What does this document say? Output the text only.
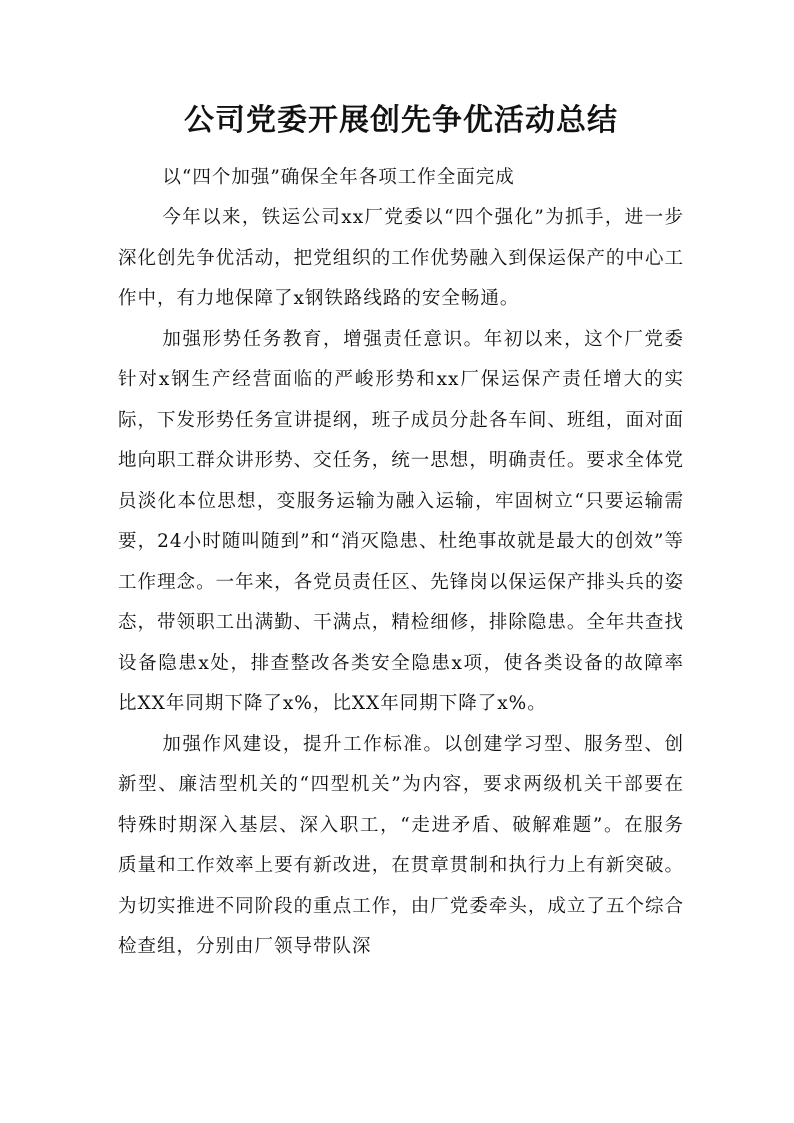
公司党委开展创先争优活动总结

以“四个加强”确保全年各项工作全面完成

今年以来，铁运公司xx厂党委以“四个强化”为抓手，进一步深化创先争优活动，把党组织的工作优势融入到保运保产的中心工作中，有力地保障了x钢铁路线路的安全畅通。

加强形势任务教育，增强责任意识。年初以来，这个厂党委针对x钢生产经营面临的严峻形势和xx厂保运保产责任增大的实际，下发形势任务宣讲提纲，班子成员分赴各车间、班组，面对面地向职工群众讲形势、交任务，统一思想，明确责任。要求全体党员淡化本位思想，变服务运输为融入运输，牢固树立“只要运输需要，24小时随叫随到”和“消灭隐患、杜绝事故就是最大的创效”等工作理念。一年来，各党员责任区、先锋岗以保运保产排头兵的姿态，带领职工出满勤、干满点，精检细修，排除隐患。全年共查找设备隐患x处，排查整改各类安全隐患x项，使各类设备的故障率比XX年同期下降了x%，比XX年同期下降了x%。

加强作风建设，提升工作标准。以创建学习型、服务型、创新型、廉洁型机关的“四型机关”为内容，要求两级机关干部要在特殊时期深入基层、深入职工，“走进矛盾、破解难题”。在服务质量和工作效率上要有新改进，在贯章贯制和执行力上有新突破。为切实推进不同阶段的重点工作，由厂党委牵头，成立了五个综合检查组，分别由厂领导带队深
